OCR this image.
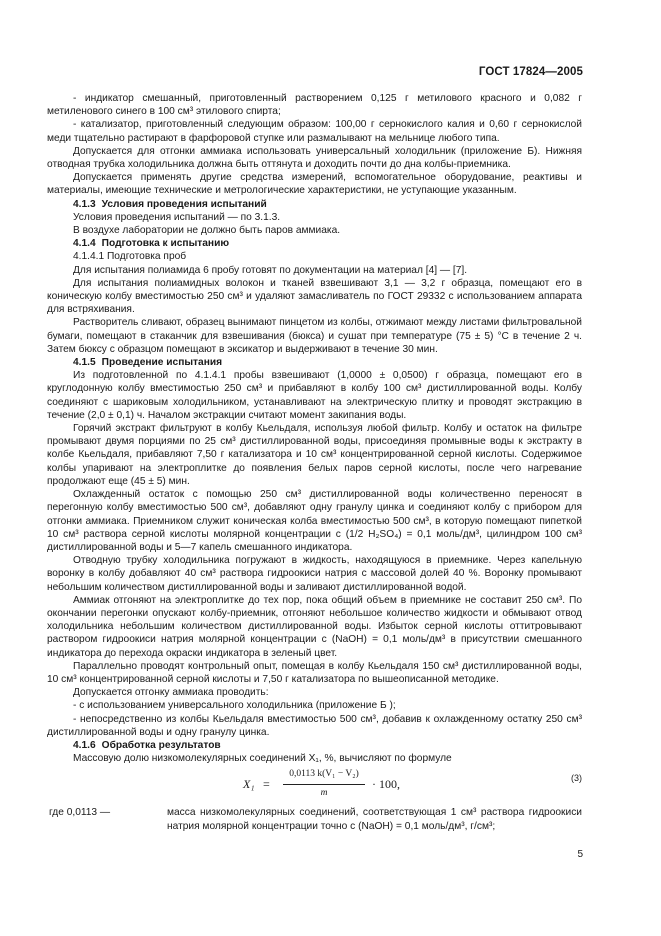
ГОСТ 17824—2005

- индикатор смешанный, приготовленный растворением 0,125 г метилового красного и 0,082 г метиленового синего в 100 см³ этилового спирта;

- катализатор, приготовленный следующим образом: 100,00 г сернокислого калия и 0,60 г сернокислой меди тщательно растирают в фарфоровой ступке или размалывают на мельнице любого типа.

Допускается для отгонки аммиака использовать универсальный холодильник (приложение Б). Нижняя отводная трубка холодильника должна быть оттянута и доходить почти до дна колбы-приемника.

Допускается применять другие средства измерений, вспомогательное оборудование, реактивы и материалы, имеющие технические и метрологические характеристики, не уступающие указанным.

4.1.3 Условия проведения испытаний

Условия проведения испытаний — по 3.1.3.

В воздухе лаборатории не должно быть паров аммиака.

4.1.4 Подготовка к испытанию

4.1.4.1 Подготовка проб

Для испытания полиамида 6 пробу готовят по документации на материал [4] — [7].

Для испытания полиамидных волокон и тканей взвешивают 3,1 — 3,2 г образца, помещают его в коническую колбу вместимостью 250 см³ и удаляют замасливатель по ГОСТ 29332 с использованием аппарата для встряхивания.

Растворитель сливают, образец вынимают пинцетом из колбы, отжимают между листами фильтровальной бумаги, помещают в стаканчик для взвешивания (бюкса) и сушат при температуре (75 ± 5) °С в течение 2 ч. Затем бюксу с образцом помещают в эксикатор и выдерживают в течение 30 мин.

4.1.5 Проведение испытания

Из подготовленной по 4.1.4.1 пробы взвешивают (1,0000 ± 0,0500) г образца, помещают его в круглодонную колбу вместимостью 250 см³ и прибавляют в колбу 100 см³ дистиллированной воды. Колбу соединяют с шариковым холодильником, устанавливают на электрическую плитку и проводят экстракцию в течение (2,0 ± 0,1) ч. Началом экстракции считают момент закипания воды.

Горячий экстракт фильтруют в колбу Кьельдаля, используя любой фильтр. Колбу и остаток на фильтре промывают двумя порциями по 25 см³ дистиллированной воды, присоединяя промывные воды к экстракту в колбе Кьельдаля, прибавляют 7,50 г катализатора и 10 см³ концентрированной серной кислоты. Содержимое колбы упаривают на электроплитке до появления белых паров серной кислоты, после чего нагревание продолжают еще (45 ± 5) мин.

Охлажденный остаток с помощью 250 см³ дистиллированной воды количественно переносят в перегонную колбу вместимостью 500 см³, добавляют одну гранулу цинка и соединяют колбу с прибором для отгонки аммиака. Приемником служит коническая колба вместимостью 500 см³, в которую помещают пипеткой 10 см³ раствора серной кислоты молярной концентрации c (1/2 H₂SO₄) = 0,1 моль/дм³, цилиндром 100 см³ дистиллированной воды и 5—7 капель смешанного индикатора.

Отводную трубку холодильника погружают в жидкость, находящуюся в приемнике. Через капельную воронку в колбу добавляют 40 см³ раствора гидроокиси натрия с массовой долей 40 %. Воронку промывают небольшим количеством дистиллированной воды и заливают дистиллированной водой.

Аммиак отгоняют на электроплитке до тех пор, пока общий объем в приемнике не составит 250 см³. По окончании перегонки опускают колбу-приемник, отгоняют небольшое количество жидкости и обмывают отвод холодильника небольшим количеством дистиллированной воды. Избыток серной кислоты оттитровывают раствором гидроокиси натрия молярной концентрации c (NaOH) = 0,1 моль/дм³ в присутствии смешанного индикатора до перехода окраски индикатора в зеленый цвет.

Параллельно проводят контрольный опыт, помещая в колбу Кьельдаля 150 см³ дистиллированной воды, 10 см³ концентрированной серной кислоты и 7,50 г катализатора по вышеописанной методике.

Допускается отгонку аммиака проводить:

- с использованием универсального холодильника (приложение Б );

- непосредственно из колбы Кьельдаля вместимостью 500 см³, добавив к охлажденному остатку 250 см³ дистиллированной воды и одну гранулу цинка.

4.1.6 Обработка результатов

Массовую долю низкомолекулярных соединений X₁, %, вычисляют по формуле

$X_1 = \frac{\text{0,0113 k(V₁ − V₂)}}{m} \cdot 100$,	(3)
где 0,0113 —	масса низкомолекулярных соединений, соответствующая 1 см³ раствора гидроокиси натрия молярной концентрации точно c (NaOH) = 0,1 моль/дм³, г/см³;
5
